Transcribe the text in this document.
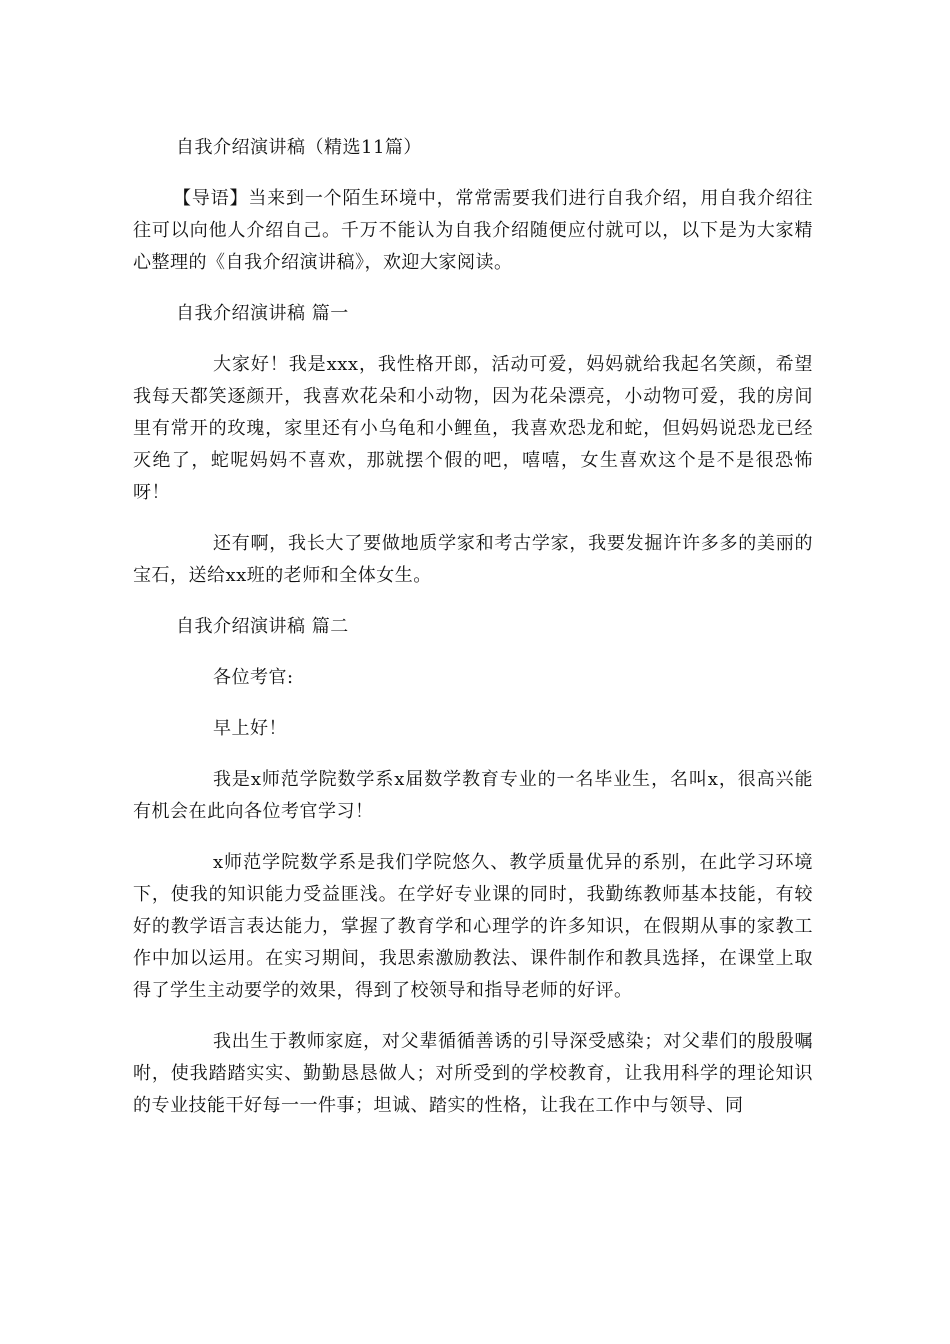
自我介绍演讲稿（精选11篇）

【导语】当来到一个陌生环境中，常常需要我们进行自我介绍，用自我介绍往往可以向他人介绍自己。千万不能认为自我介绍随便应付就可以，以下是为大家精心整理的《自我介绍演讲稿》，欢迎大家阅读。

自我介绍演讲稿 篇一

大家好！我是xxx，我性格开郎，活动可爱，妈妈就给我起名笑颜，希望我每天都笑逐颜开，我喜欢花朵和小动物，因为花朵漂亮，小动物可爱，我的房间里有常开的玫瑰，家里还有小乌龟和小鲤鱼，我喜欢恐龙和蛇，但妈妈说恐龙已经灭绝了，蛇呢妈妈不喜欢，那就摆个假的吧，嘻嘻，女生喜欢这个是不是很恐怖呀！

还有啊，我长大了要做地质学家和考古学家，我要发掘许许多多的美丽的宝石，送给xx班的老师和全体女生。

自我介绍演讲稿 篇二

各位考官:

早上好！

我是x师范学院数学系x届数学教育专业的一名毕业生，名叫x，很高兴能有机会在此向各位考官学习！

x师范学院数学系是我们学院悠久、教学质量优异的系别，在此学习环境下，使我的知识能力受益匪浅。在学好专业课的同时，我勤练教师基本技能，有较好的教学语言表达能力，掌握了教育学和心理学的许多知识，在假期从事的家教工作中加以运用。在实习期间，我思索激励教法、课件制作和教具选择，在课堂上取得了学生主动要学的效果，得到了校领导和指导老师的好评。

我出生于教师家庭，对父辈循循善诱的引导深受感染；对父辈们的殷殷嘱咐，使我踏踏实实、勤勤恳恳做人；对所受到的学校教育，让我用科学的理论知识的专业技能干好每一一件事；坦诚、踏实的性格，让我在工作中与领导、同
